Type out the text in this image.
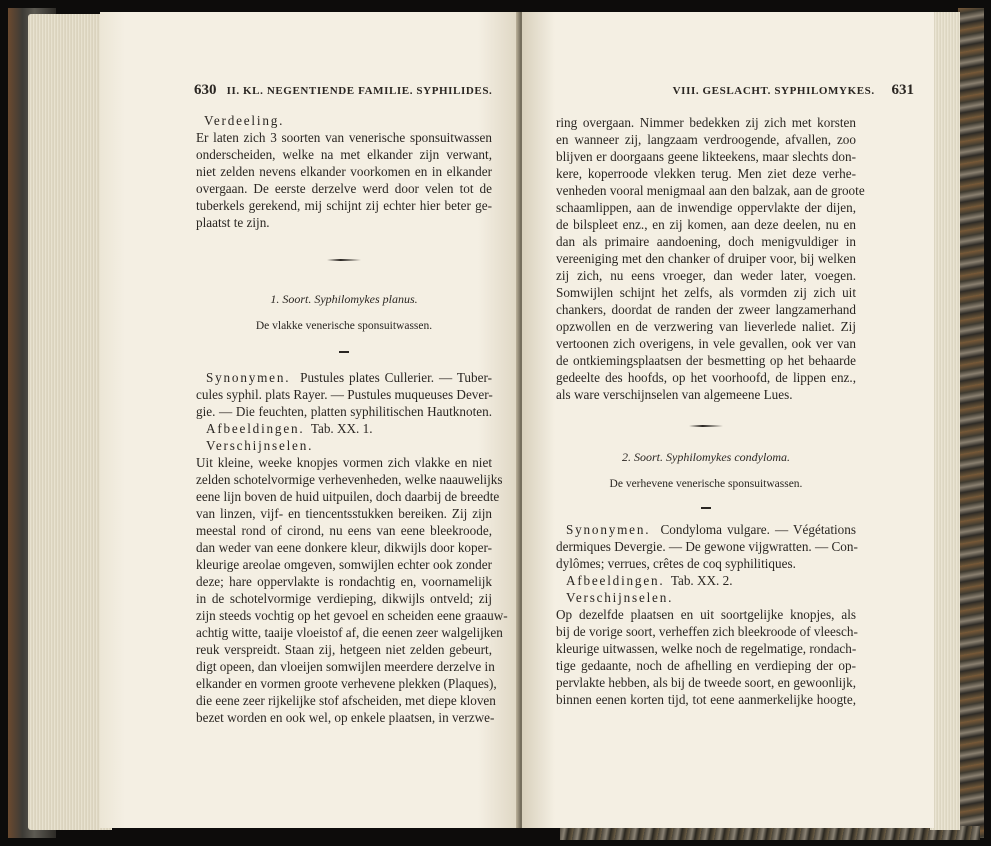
630 II. KL. NEGENTIENDE FAMILIE. SYPHILIDES.
Verdeeling.
Er laten zich 3 soorten van venerische sponsuitwassen
onderscheiden, welke na met elkander zijn verwant,
niet zelden nevens elkander voorkomen en in elkander
overgaan. De eerste derzelve werd door velen tot de
tuberkels gerekend, mij schijnt zij echter hier beter ge-
plaatst te zijn.
1. Soort. Syphilomykes planus.
De vlakke venerische sponsuitwassen.
Synonymen. Pustules plates Cullerier. — Tuber-
cules syphil. plats Rayer. — Pustules muqueuses Dever-
gie. — Die feuchten, platten syphilitischen Hautknoten.
Afbeeldingen. Tab. XX. 1.
Verschijnselen.
Uit kleine, weeke knopjes vormen zich vlakke en niet
zelden schotelvormige verhevenheden, welke naauwelijks
eene lijn boven de huid uitpuilen, doch daarbij de breedte
van linzen, vijf- en tiencentsstukken bereiken. Zij zijn
meestal rond of cirond, nu eens van eene bleekroode,
dan weder van eene donkere kleur, dikwijls door koper-
kleurige areolae omgeven, somwijlen echter ook zonder
deze; hare oppervlakte is rondachtig en, voornamelijk
in de schotelvormige verdieping, dikwijls ontveld; zij
zijn steeds vochtig op het gevoel en scheiden eene graauw-
achtig witte, taaije vloeistof af, die eenen zeer walgelijken
reuk verspreidt. Staan zij, hetgeen niet zelden gebeurt,
digt opeen, dan vloeijen somwijlen meerdere derzelve in
elkander en vormen groote verhevene plekken (Plaques),
die eene zeer rijkelijke stof afscheiden, met diepe kloven
bezet worden en ook wel, op enkele plaatsen, in verzwe-
VIII. GESLACHT. SYPHILOMYKES. 631
ring overgaan. Nimmer bedekken zij zich met korsten
en wanneer zij, langzaam verdroogende, afvallen, zoo
blijven er doorgaans geene likteekens, maar slechts don-
kere, koperroode vlekken terug. Men ziet deze verhe-
venheden vooral menigmaal aan den balzak, aan de groote
schaamlippen, aan de inwendige oppervlakte der dijen,
de bilspleet enz., en zij komen, aan deze deelen, nu en
dan als primaire aandoening, doch menigvuldiger in
vereeniging met den chanker of druiper voor, bij welken
zij zich, nu eens vroeger, dan weder later, voegen.
Somwijlen schijnt het zelfs, als vormden zij zich uit
chankers, doordat de randen der zweer langzamerhand
opzwollen en de verzwering van lieverlede naliet. Zij
vertoonen zich overigens, in vele gevallen, ook ver van
de ontkiemingsplaatsen der besmetting op het behaarde
gedeelte des hoofds, op het voorhoofd, de lippen enz.,
als ware verschijnselen van algemeene Lues.
2. Soort. Syphilomykes condyloma.
De verhevene venerische sponsuitwassen.
Synonymen. Condyloma vulgare. — Végétations
dermiques Devergie. — De gewone vijgwratten. — Con-
dylômes; verrues, crêtes de coq syphilitiques.
Afbeeldingen. Tab. XX. 2.
Verschijnselen.
Op dezelfde plaatsen en uit soortgelijke knopjes, als
bij de vorige soort, verheffen zich bleekroode of vleesch-
kleurige uitwassen, welke noch de regelmatige, rondach-
tige gedaante, noch de afhelling en verdieping der op-
pervlakte hebben, als bij de tweede soort, en gewoonlijk,
binnen eenen korten tijd, tot eene aanmerkelijke hoogte,
